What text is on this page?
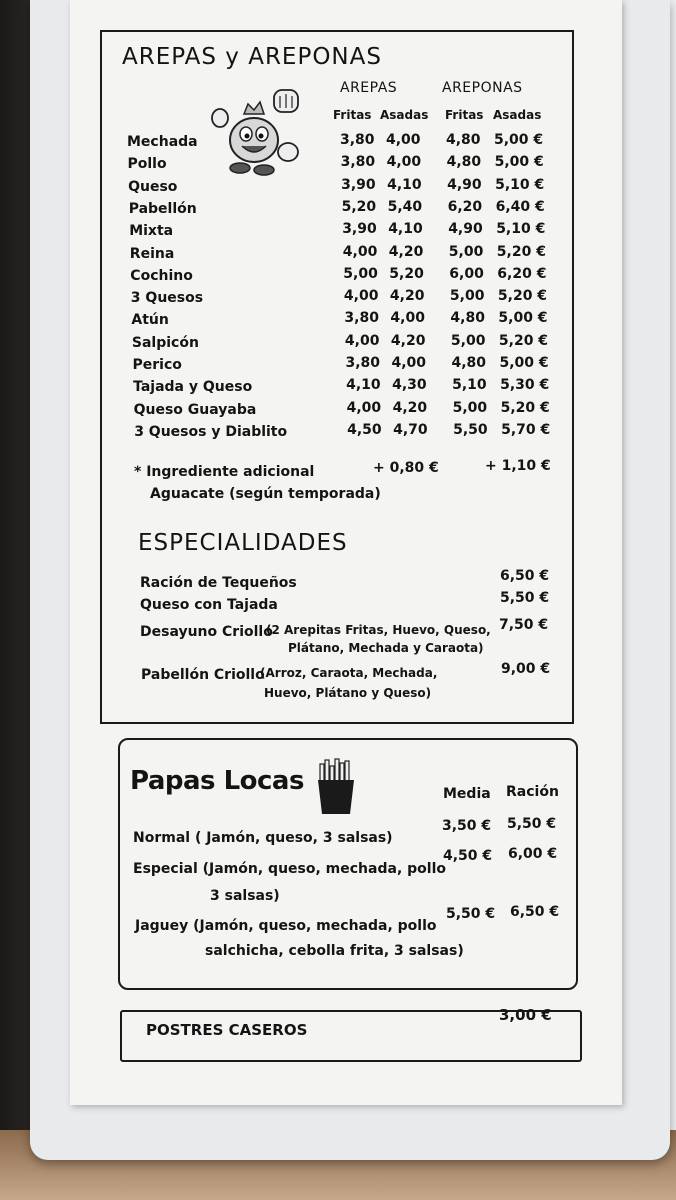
AREPAS y AREPONAS
AREPAS	AREPONAS
Fritas Asadas Fritas Asadas
Mechada	3,80 4,00 4,80 5,00 €
Pollo	3,80 4,00 4,80 5,00 €
Queso	3,90 4,10 4,90 5,10 €
Pabellón	5,20 5,40 6,20 6,40 €
Mixta	3,90 4,10 4,90 5,10 €
Reina	4,00 4,20 5,00 5,20 €
Cochino	5,00 5,20 6,00 6,20 €
3 Quesos	4,00 4,20 5,00 5,20 €
Atún	3,80 4,00 4,80 5,00 €
Salpicón	4,00 4,20 5,00 5,20 €
Perico	3,80 4,00 4,80 5,00 €
Tajada y Queso	4,10 4,30 5,10 5,30 €
Queso Guayaba	4,00 4,20 5,00 5,20 €
3 Quesos y Diablito	4,50 4,70 5,50 5,70 €
* Ingrediente adicional
Aguacate (según temporada)
+ 0,80 €	+ 1,10 €
ESPECIALIDADES
Ración de Tequeños	6,50 €
Queso con Tajada	5,50 €
Desayuno Criollo
(2 Arepitas Fritas, Huevo, Queso,
Plátano, Mechada y Caraota)
7,50 €
Pabellón Criollo
(Arroz, Caraota, Mechada,
Huevo, Plátano y Queso)
9,00 €
Papas Locas	Media Ración
Normal ( Jamón, queso, 3 salsas)
3,50 € 5,50 €
Especial (Jamón, queso, mechada, pollo
3 salsas)
4,50 € 6,00 €
Jaguey (Jamón, queso, mechada, pollo
salchicha, cebolla frita, 3 salsas)
5,50 € 6,50 €
POSTRES CASEROS
3,00 €
